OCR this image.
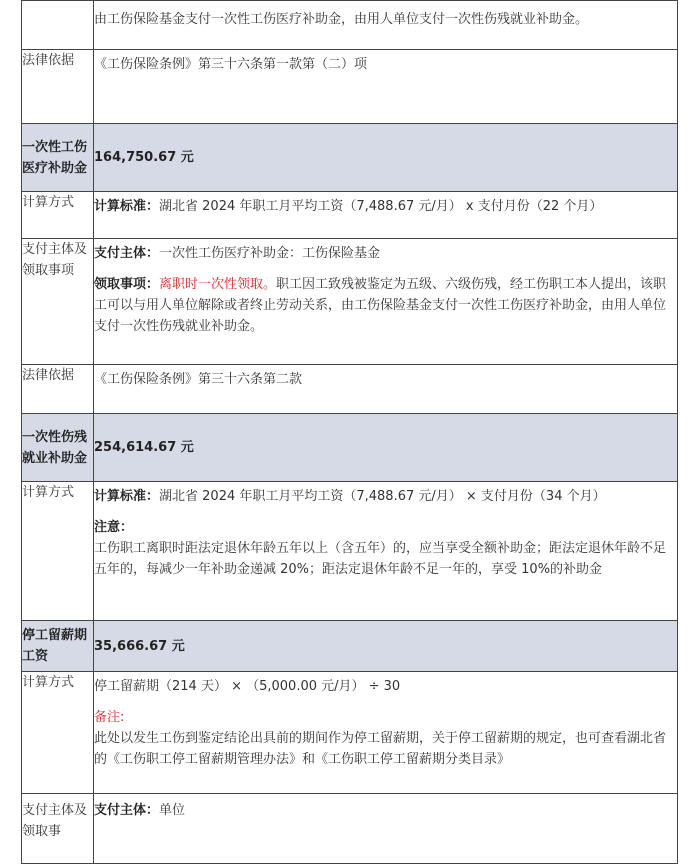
	由工伤保险基金支付一次性工伤医疗补助金，由用人单位支付一次性伤残就业补助金。
法律依据	《工伤保险条例》第三十六条第一款第（二）项
一次性工伤医疗补助金	164,750.67 元
计算方式	计算标准：湖北省 2024 年职工月平均工资（7,488.67 元/月） x 支付月份（22 个月）
支付主体及领取事项	支付主体：一次性工伤医疗补助金：工伤保险基金

领取事项：离职时一次性领取。职工因工致残被鉴定为五级、六级伤残，经工伤职工本人提出，该职工可以与用人单位解除或者终止劳动关系，由工伤保险基金支付一次性工伤医疗补助金，由用人单位支付一次性伤残就业补助金。

法律依据	《工伤保险条例》第三十六条第二款
一次性伤残就业补助金	254,614.67 元
计算方式	计算标准：湖北省 2024 年职工月平均工资（7,488.67 元/月） × 支付月份（34 个月）

注意：

工伤职工离职时距法定退休年龄五年以上（含五年）的，应当享受全额补助金；距法定退休年龄不足五年的，每减少一年补助金递减 20%；距法定退休年龄不足一年的，享受 10%的补助金

停工留薪期工资	35,666.67 元
计算方式	停工留薪期（214 天） × （5,000.00 元/月） ÷ 30

备注:

此处以发生工伤到鉴定结论出具前的期间作为停工留薪期，关于停工留薪期的规定，也可查看湖北省的《工伤职工停工留薪期管理办法》和《工伤职工停工留薪期分类目录》

支付主体及领取事	支付主体：单位
